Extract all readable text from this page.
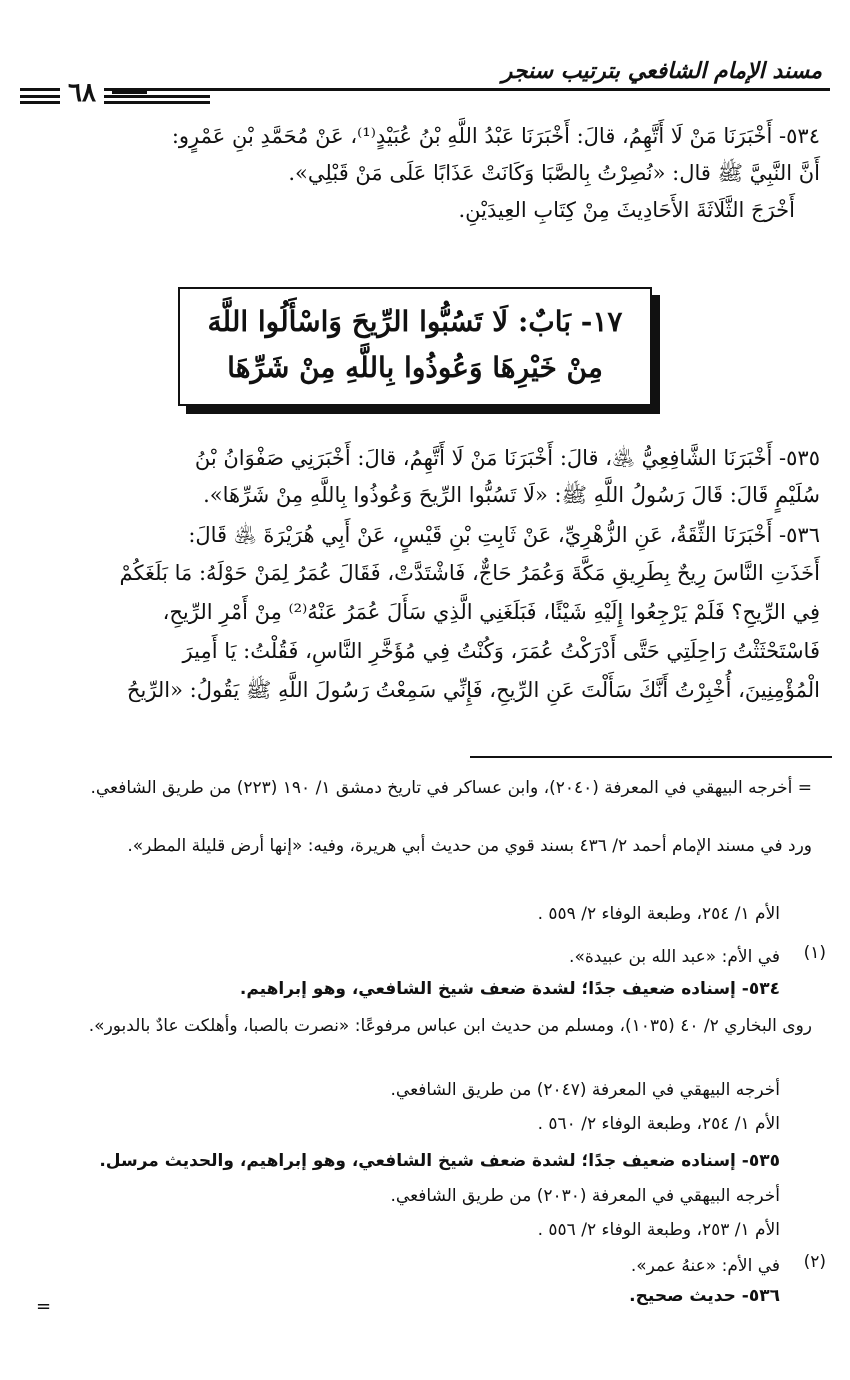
مسند الإمام الشافعي بترتيب سنجر
٦٨
٥٣٤- أَخْبَرَنَا مَنْ لَا أَتَّهِمُ، قالَ: أَخْبَرَنَا عَبْدُ اللَّهِ بْنُ عُبَيْدٍ⁽¹⁾، عَنْ مُحَمَّدِ بْنِ عَمْرٍو:
أَنَّ النَّبِيَّ ﷺ قال: «نُصِرْتُ بِالصَّبَا وَكَانَتْ عَذَابًا عَلَى مَنْ قَبْلِي».
أَخْرَجَ الثَّلَاثَةَ الأَحَادِيثَ مِنْ كِتَابِ العِيدَيْنِ.
١٧- بَابٌ: لَا تَسُبُّوا الرِّيحَ وَاسْأَلُوا اللَّهَ
مِنْ خَيْرِهَا وَعُوذُوا بِاللَّهِ مِنْ شَرِّهَا
٥٣٥- أَخْبَرَنَا الشَّافِعِيُّ ﵁، قالَ: أَخْبَرَنَا مَنْ لَا أَتَّهِمُ، قالَ: أَخْبَرَنِي صَفْوَانُ بْنُ
سُلَيْمٍ قَالَ: قَالَ رَسُولُ اللَّهِ ﷺ: «لَا تَسُبُّوا الرِّيحَ وَعُوذُوا بِاللَّهِ مِنْ شَرِّهَا».
٥٣٦- أَخْبَرَنَا الثِّقَةُ، عَنِ الزُّهْرِيِّ، عَنْ ثَابِتِ بْنِ قَيْسٍ، عَنْ أَبِي هُرَيْرَةَ ﵁ قَالَ:
أَخَذَتِ النَّاسَ رِيحٌ بِطَرِيقِ مَكَّةَ وَعُمَرُ حَاجٌّ، فَاشْتَدَّتْ، فَقَالَ عُمَرُ لِمَنْ حَوْلَهُ: مَا بَلَغَكُمْ
فِي الرِّيحِ؟ فَلَمْ يَرْجِعُوا إِلَيْهِ شَيْئًا، فَبَلَغَنِي الَّذِي سَأَلَ عُمَرُ عَنْهُ⁽²⁾ مِنْ أَمْرِ الرِّيحِ،
فَاسْتَحْثَثْتُ رَاحِلَتِي حَتَّى أَدْرَكْتُ عُمَرَ، وَكُنْتُ فِي مُؤَخَّرِ النَّاسِ، فَقُلْتُ: يَا أَمِيرَ
الْمُؤْمِنِينَ، أُخْبِرْتُ أَنَّكَ سَأَلْتَ عَنِ الرِّيحِ، فَإِنِّي سَمِعْتُ رَسُولَ اللَّهِ ﷺ يَقُولُ: «الرِّيحُ
= أخرجه البيهقي في المعرفة (٢٠٤٠)، وابن عساكر في تاريخ دمشق ١/ ١٩٠ (٢٢٣) من طريق الشافعي.
ورد في مسند الإمام أحمد ٢/ ٤٣٦ بسند قوي من حديث أبي هريرة، وفيه: «إنها أرض قليلة المطر».
الأم ١/ ٢٥٤، وطبعة الوفاء ٢/ ٥٥٩ .
(١)
في الأم: «عبد الله بن عبيدة».
٥٣٤- إسناده ضعيف جدًا؛ لشدة ضعف شيخ الشافعي، وهو إبراهيم.
روى البخاري ٢/ ٤٠ (١٠٣٥)، ومسلم من حديث ابن عباس مرفوعًا: «نصرت بالصبا، وأهلكت عادٌ بالدبور».
أخرجه البيهقي في المعرفة (٢٠٤٧) من طريق الشافعي.
الأم ١/ ٢٥٤، وطبعة الوفاء ٢/ ٥٦٠ .
٥٣٥- إسناده ضعيف جدًا؛ لشدة ضعف شيخ الشافعي، وهو إبراهيم، والحديث مرسل.
أخرجه البيهقي في المعرفة (٢٠٣٠) من طريق الشافعي.
الأم ١/ ٢٥٣، وطبعة الوفاء ٢/ ٥٥٦ .
(٢)
في الأم: «عنهُ عمر».
٥٣٦- حديث صحيح.
=
